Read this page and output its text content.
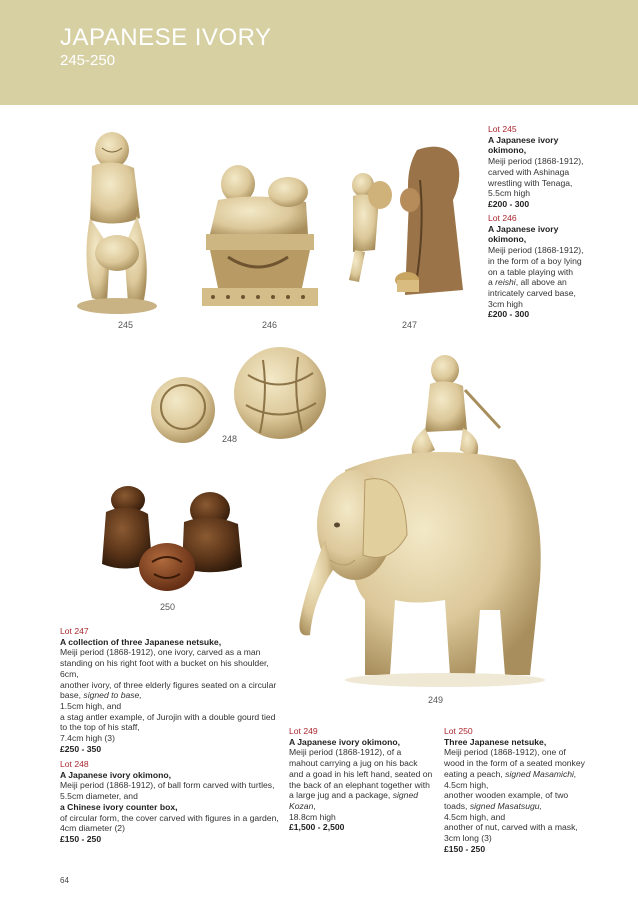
JAPANESE IVORY
245-250
245	246	247
Lot 245
A Japanese ivory
okimono,
Meiji period (1868-1912),
carved with Ashinaga
wrestling with Tenaga,
5.5cm high
£200 - 300
Lot 246
A Japanese ivory
okimono,
Meiji period (1868-1912),
in the form of a boy lying
on a table playing with
a reishi, all above an
intricately carved base,
3cm high
£200 - 300
248
250
249
Lot 247
A collection of three Japanese netsuke,
Meiji period (1868-1912), one ivory, carved as a man
standing on his right foot with a bucket on his shoulder,
6cm,
another ivory, of three elderly figures seated on a circular
base, signed to base,
1.5cm high, and
a stag antler example, of Jurojin with a double gourd tied
to the top of his staff,
7.4cm high (3)
£250 - 350
Lot 248
A Japanese ivory okimono,
Meiji period (1868-1912), of ball form carved with turtles,
5.5cm diameter, and
a Chinese ivory counter box,
of circular form, the cover carved with figures in a garden,
4cm diameter (2)
£150 - 250
Lot 249
A Japanese ivory okimono,
Meiji period (1868-1912), of a
mahout carrying a jug on his back
and a goad in his left hand, seated on
the back of an elephant together with
a large jug and a package, signed
Kozan,
18.8cm high
£1,500 - 2,500
Lot 250
Three Japanese netsuke,
Meiji period (1868-1912), one of
wood in the form of a seated monkey
eating a peach, signed Masamichi,
4.5cm high,
another wooden example, of two
toads, signed Masatsugu,
4.5cm high, and
another of nut, carved with a mask,
3cm long (3)
£150 - 250
64
